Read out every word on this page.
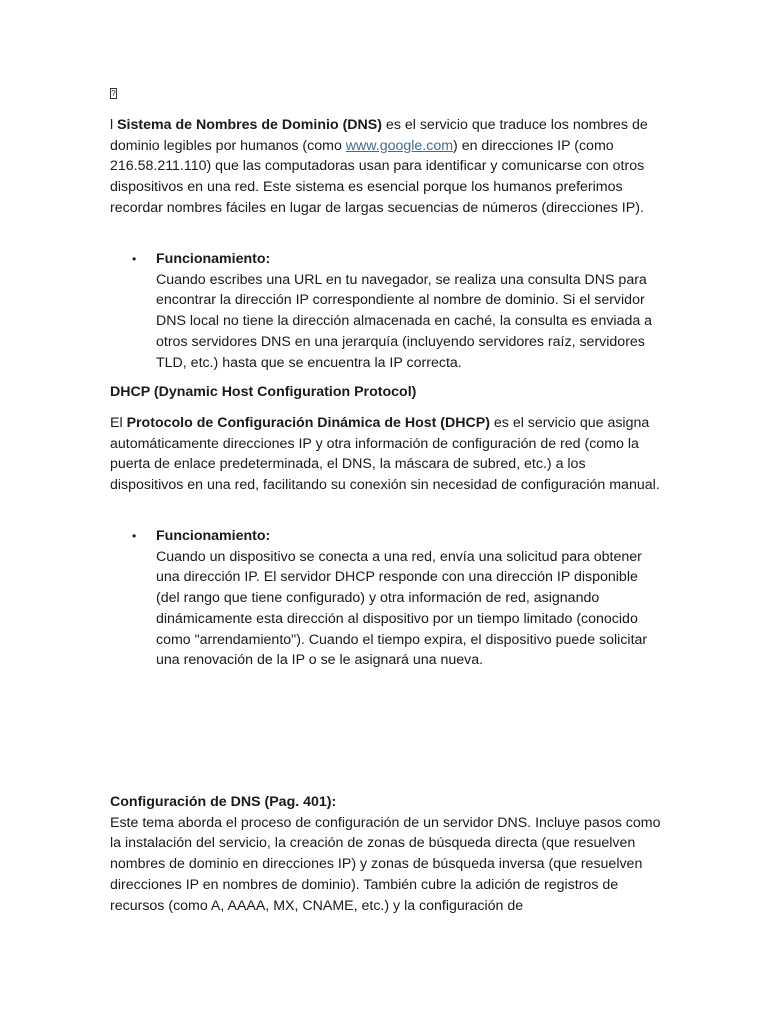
?

l Sistema de Nombres de Dominio (DNS) es el servicio que traduce los nombres de dominio legibles por humanos (como www.google.com) en direcciones IP (como 216.58.211.110) que las computadoras usan para identificar y comunicarse con otros dispositivos en una red. Este sistema es esencial porque los humanos preferimos recordar nombres fáciles en lugar de largas secuencias de números (direcciones IP).

• Funcionamiento:
Cuando escribes una URL en tu navegador, se realiza una consulta DNS para encontrar la dirección IP correspondiente al nombre de dominio. Si el servidor DNS local no tiene la dirección almacenada en caché, la consulta es enviada a otros servidores DNS en una jerarquía (incluyendo servidores raíz, servidores TLD, etc.) hasta que se encuentra la IP correcta.

DHCP (Dynamic Host Configuration Protocol)

El Protocolo de Configuración Dinámica de Host (DHCP) es el servicio que asigna automáticamente direcciones IP y otra información de configuración de red (como la puerta de enlace predeterminada, el DNS, la máscara de subred, etc.) a los dispositivos en una red, facilitando su conexión sin necesidad de configuración manual.

• Funcionamiento:
Cuando un dispositivo se conecta a una red, envía una solicitud para obtener una dirección IP. El servidor DHCP responde con una dirección IP disponible (del rango que tiene configurado) y otra información de red, asignando dinámicamente esta dirección al dispositivo por un tiempo limitado (conocido como "arrendamiento"). Cuando el tiempo expira, el dispositivo puede solicitar una renovación de la IP o se le asignará una nueva.
Configuración de DNS (Pag. 401):
Este tema aborda el proceso de configuración de un servidor DNS. Incluye pasos como la instalación del servicio, la creación de zonas de búsqueda directa (que resuelven nombres de dominio en direcciones IP) y zonas de búsqueda inversa (que resuelven direcciones IP en nombres de dominio). También cubre la adición de registros de recursos (como A, AAAA, MX, CNAME, etc.) y la configuración de
